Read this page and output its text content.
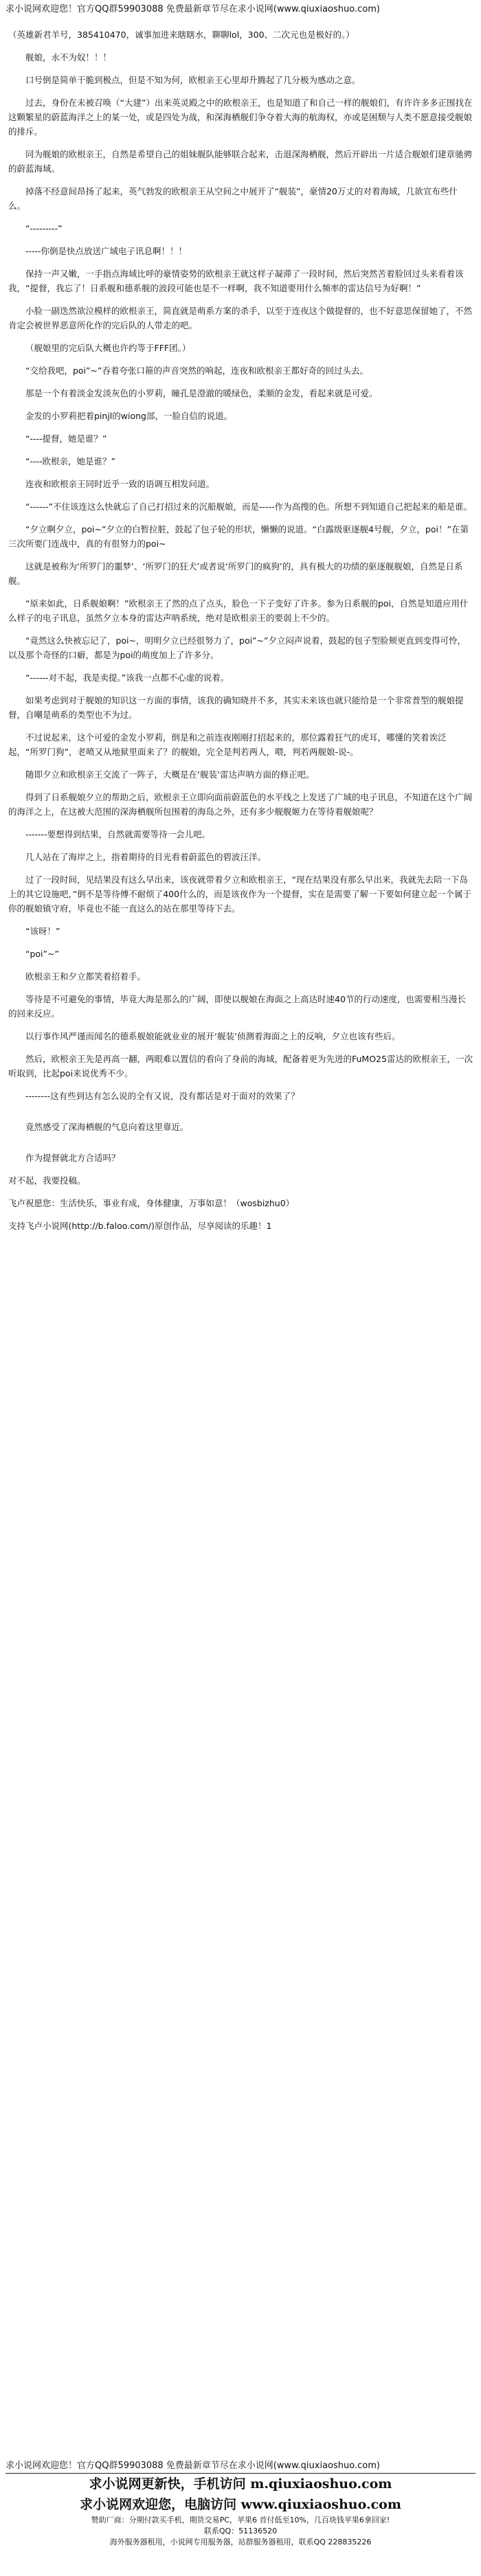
求小说网欢迎您！官方QQ群59903088 免费最新章节尽在求小说网(www.qiuxiaoshuo.com)

（英雄新君羊号，385410470，诚事加进来瞎瞎水，聊聊lol，300、二次元也是极好的。）

舰娘，永不为奴！！！

口号倒是简单干脆到极点，但是不知为何，欧根亲王心里却升腾起了几分极为感动之意。

过去，身份在未被召唤（“大建”）出来英灵殿之中的欧根亲王，也是知道了和自己一样的舰娘们，有许许多多正围找在这颗繁星的蔚蓝海洋之上的某一处，或是四处为战，和深海栖舰们争夺着大海的航海权，亦或是困颓与人类不愿意接受舰娘的排斥。

同为舰娘的欧根亲王，自然是希望自己的姐妹舰队能够联合起来，击退深海栖舰，然后开辟出一片适合舰娘们建章驰骋的蔚蓝海域。

掉落不经意间昂扬了起来，英气勃发的欧根亲王从空间之中展开了“舰装”，豪情20万丈的对着海域，几欲宣布些什么。

“---------”

-----你倒是快点放送广域电子讯息啊！！！

保持一声又嫩，一手指点海域比呼的豪情姿势的欧根亲王就这样子凝滞了一段时间，然后突然苦着脸回过头来看着该我，“提督，我忘了！日系舰和德系舰的波段可能也是不一样啊，我不知道要用什么频率的雷达信号为好啊！”

小脸一副迭然欲泣模样的欧根亲王，简直就是萌系方案的杀手，以至于连夜这个做提督的，也不好意思保留她了，不然肯定会被世界恶意所化作的完后队的人带走的吧。

（舰娘里的完后队大概也许约等于FFF团。）

“交给我吧，poi”~”吞着夸张口箍的声音突然的响起，连夜和欧根亲王都好奇的回过头去。

那是一个有着淡金发淡灰色的小罗莉，瞳孔是澄澈的暖绿色，柔顺的金发，看起来就是可爱。

金发的小罗莉把着pinjl的wiong部，一脸自信的说道。

“----提督，她是谁？”

“----欧根亲，她是谁？”

连夜和欧根亲王同时近乎一致的语调互相发问道。

“------”不住该连这么快就忘了自己打招过来的沉船舰娘，而是-----作为高搜的色。所想不到知道自己把起来的船是谁。

“夕立啊夕立，poi~”夕立的白暂拉脏，鼓起了包子轮的形状，懒懒的说道。“白露级驱逐舰4号舰，夕立，poi！”在第三次所要门连战中，真的有很努力的poi~

这就是被称为‘所罗门的噩梦’、‘所罗门的狂犬’或者说‘所罗门的疯狗’的，具有极大的功绩的驱逐舰舰娘，自然是日系舰。

“原来如此，日系舰娘啊！”欧根亲王了然的点了点头，脸色一下子变好了许多。参为日系舰的poi，自然是知道应用什么样子的电子讯息，虽然夕立本身的雷达声呐系统，绝对是欧根亲王的要弱上不少的。

“竟然这么快被忘记了，poi~，明明夕立已经很努力了，poi”~”夕立闷声说着，鼓起的包子型脸颊更直到变得可怜，以及那个奇怪的口癖，都是为poi的萌度加上了许多分。

“------对不起，我是卖提。”该我一点都不心虚的说着。

如果考虑到对于舰娘的知识这一方面的事情，该我的确知晓并不多，其实未来该也就只能给是一个非常普型的舰娘提督，自嘲是萌系的类型也不为过。

不过说起来，这个可爱的金发小罗莉，倒是和之前连夜刚刚打招起来的，那位露着狂气的虎耳，哪懂的笑着诶泛起，“所罗门狗”，老喷又从地狱里面来了？的舰娘，完全是判若两人，喂，判若两舰娘-说-。

随即夕立和欧根亲王交流了一阵子，大概是在‘舰装’雷达声呐方面的修正吧。

得到了日系舰娘夕立的帮助之后，欧根亲王立即向面前蔚蓝色的水平线之上发送了广域的电子讯息，不知道在这个广阔的海洋之上，在这被大范围的深海栖舰所包围着的海岛之外，还有多少舰舰姬力在等待着舰娘呢？

-------要想得到结果，自然就需要等待一会儿吧。

几人站在了海岸之上，指着期待的目光看着蔚蓝色的碧波汪洋。

过了一段时间，见结果没有这么早出来，该夜就带着夕立和欧根亲王，“现在结果没有那么早出来，我就先去陪一下岛上的其它设施吧，”倒不是等待傅不耐烦了400什么的，而是该夜作为一个提督，实在是需要了解一下要如何建立起一个属于你的舰娘镇守府，毕竟也不能一直这么的站在那里等待下去。

“该呀！”

“poi”~”

欧根亲王和夕立都笑着招着手。

等待是不可避免的事情，毕竟大海是那么的广阔，即使以舰娘在海面之上高达时速40节的行动速度，也需要相当漫长的回来反应。

以行事作风严谨而闻名的德系舰娘能就业业的展开‘舰装’侦测着海面之上的反响，夕立也该有些后。

然后，欧根亲王先是再高一翻，两眼难以置信的看向了身前的海域，配备着更为先进的FuMO25雷达的欧根亲王，一次听取到，比起poi来说优秀不少。

--------这有些到达有怎么说的全有又说，没有都话是对于面对的效果了？

竟然感受了深海栖舰的气息向着这里靠近。

作为提督就北方合适吗？

对不起，我要投稿。

飞卢祝愿您：生活快乐，事业有成，身体健康，万事如意！（wosbizhu0）

支持飞卢小说网(http://b.faloo.com/)原创作品，尽享阅读的乐趣！1

求小说网欢迎您！官方QQ群59903088 免费最新章节尽在求小说网(www.qiuxiaoshuo.com)
求小说网更新快，手机访问 m.qiuxiaoshuo.com
求小说网欢迎您，电脑访问 www.qiuxiaoshuo.com
赞助厂商：分期付款买手机，期货交易PC，苹果6 首付低至10%，几百块钱苹果6拿回家!
联系QQ：51136520
海外服务器租用，小说网专用服务器，站群服务器租用，联系QQ 228835226
